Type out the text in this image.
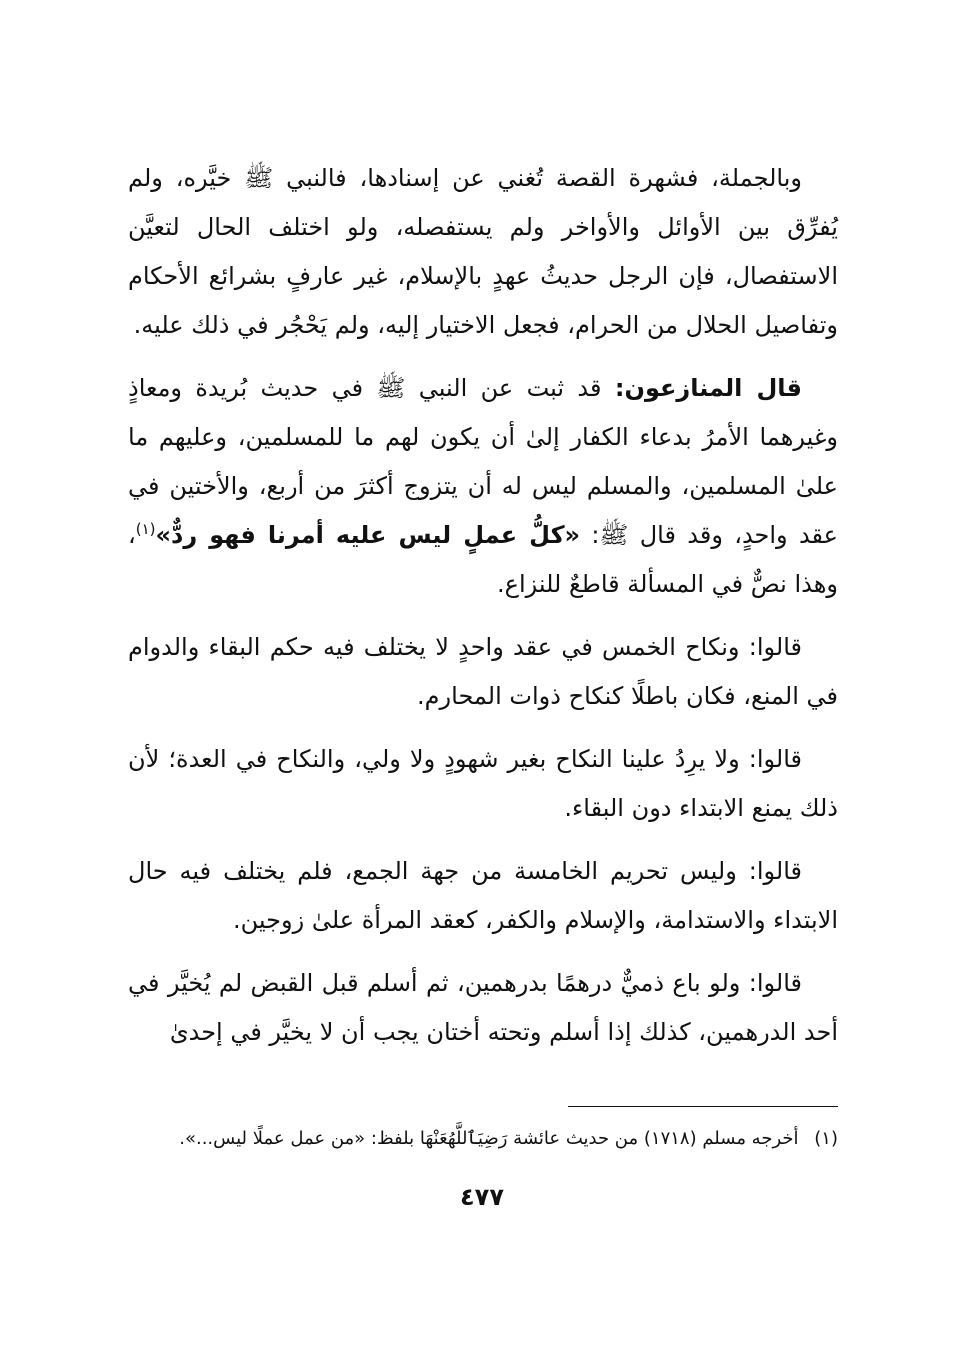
وبالجملة، فشهرة القصة تُغني عن إسنادها، فالنبي ﷺ خيَّره، ولم يُفرِّق بين الأوائل والأواخر ولم يستفصله، ولو اختلف الحال لتعيَّن الاستفصال، فإن الرجل حديثُ عهدٍ بالإسلام، غير عارفٍ بشرائع الأحكام وتفاصيل الحلال من الحرام، فجعل الاختيار إليه، ولم يَحْجُر في ذلك عليه.

قال المنازعون: قد ثبت عن النبي ﷺ في حديث بُريدة ومعاذٍ وغيرهما الأمرُ بدعاء الكفار إلىٰ أن يكون لهم ما للمسلمين، وعليهم ما علىٰ المسلمين، والمسلم ليس له أن يتزوج أكثرَ من أربع، والأختين في عقد واحدٍ، وقد قال ﷺ: «كلُّ عملٍ ليس عليه أمرنا فهو ردٌّ»$^{(١)}$، وهذا نصٌّ في المسألة قاطعٌ للنزاع.

قالوا: ونكاح الخمس في عقد واحدٍ لا يختلف فيه حكم البقاء والدوام في المنع، فكان باطلًا كنكاح ذوات المحارم.

قالوا: ولا يرِدُ علينا النكاح بغير شهودٍ ولا ولي، والنكاح في العدة؛ لأن ذلك يمنع الابتداء دون البقاء.

قالوا: وليس تحريم الخامسة من جهة الجمع، فلم يختلف فيه حال الابتداء والاستدامة، والإسلام والكفر، كعقد المرأة علىٰ زوجين.

قالوا: ولو باع ذميٌّ درهمًا بدرهمين، ثم أسلم قبل القبض لم يُخيَّر في أحد الدرهمين، كذلك إذا أسلم وتحته أختان يجب أن لا يخيَّر في إحدىٰ

(١) أخرجه مسلم (١٧١٨) من حديث عائشة رَضِيَٱللَّهُعَنْهَا بلفظ: «من عمل عملًا ليس...».
٤٧٧
